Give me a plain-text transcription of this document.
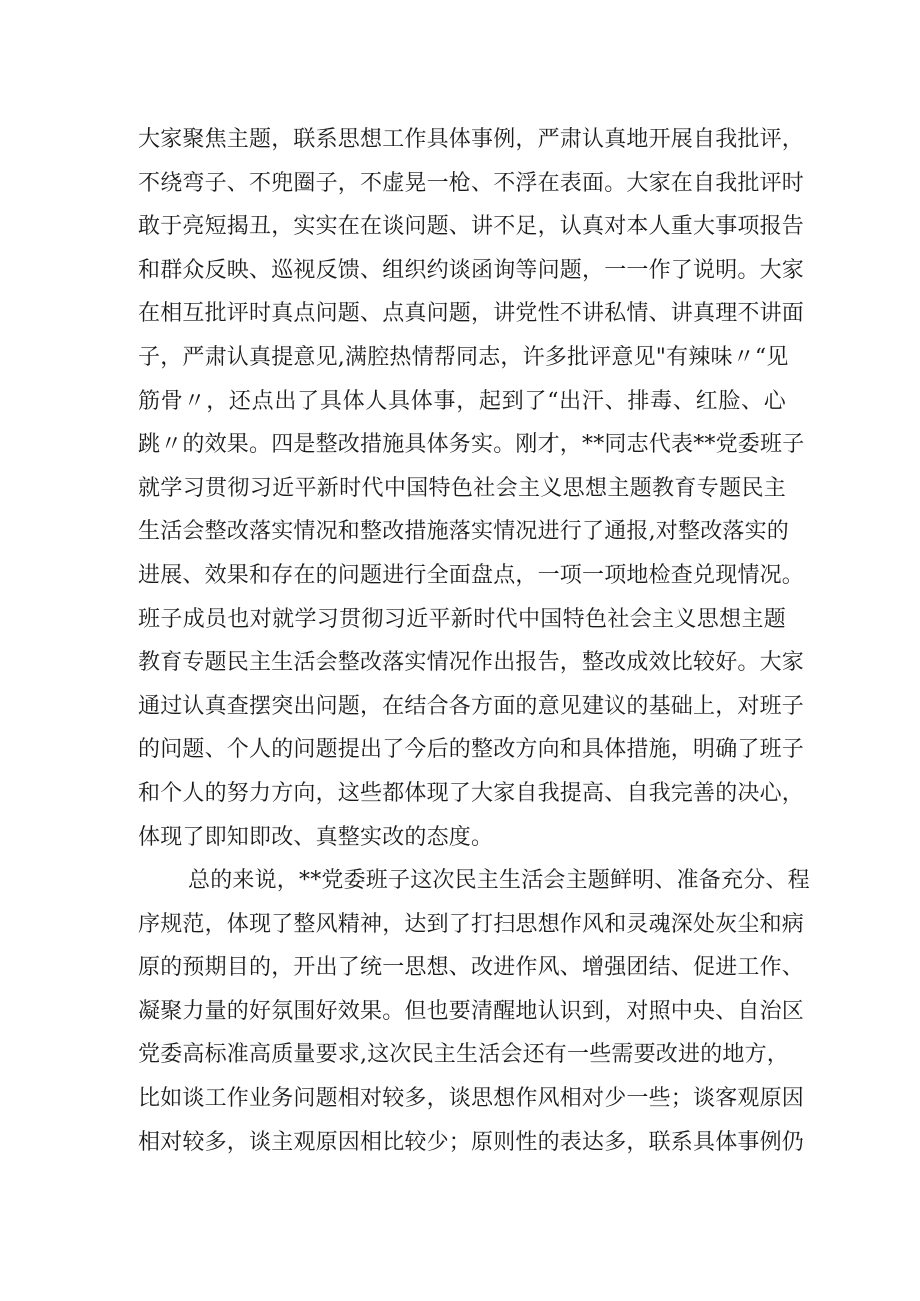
大家聚焦主题，联系思想工作具体事例，严肃认真地开展自我批评，
不绕弯子、不兜圈子，不虚晃一枪、不浮在表面。大家在自我批评时
敢于亮短揭丑，实实在在谈问题、讲不足，认真对本人重大事项报告
和群众反映、巡视反馈、组织约谈函询等问题，一一作了说明。大家
在相互批评时真点问题、点真问题，讲党性不讲私情、讲真理不讲面
子，严肃认真提意见,满腔热情帮同志，许多批评意见"有辣味〃“见
筋骨〃，还点出了具体人具体事，起到了“出汗、排毒、红脸、心
跳〃的效果。四是整改措施具体务实。刚才，**同志代表**党委班子
就学习贯彻习近平新时代中国特色社会主义思想主题教育专题民主
生活会整改落实情况和整改措施落实情况进行了通报,对整改落实的
进展、效果和存在的问题进行全面盘点，一项一项地检查兑现情况。
班子成员也对就学习贯彻习近平新时代中国特色社会主义思想主题
教育专题民主生活会整改落实情况作出报告，整改成效比较好。大家
通过认真查摆突出问题，在结合各方面的意见建议的基础上，对班子
的问题、个人的问题提出了今后的整改方向和具体措施，明确了班子
和个人的努力方向，这些都体现了大家自我提高、自我完善的决心，
体现了即知即改、真整实改的态度。
总的来说，**党委班子这次民主生活会主题鲜明、准备充分、程
序规范，体现了整风精神，达到了打扫思想作风和灵魂深处灰尘和病
原的预期目的，开出了统一思想、改进作风、增强团结、促进工作、
凝聚力量的好氛围好效果。但也要清醒地认识到，对照中央、自治区
党委高标准高质量要求,这次民主生活会还有一些需要改进的地方，
比如谈工作业务问题相对较多，谈思想作风相对少一些；谈客观原因
相对较多，谈主观原因相比较少；原则性的表达多，联系具体事例仍
